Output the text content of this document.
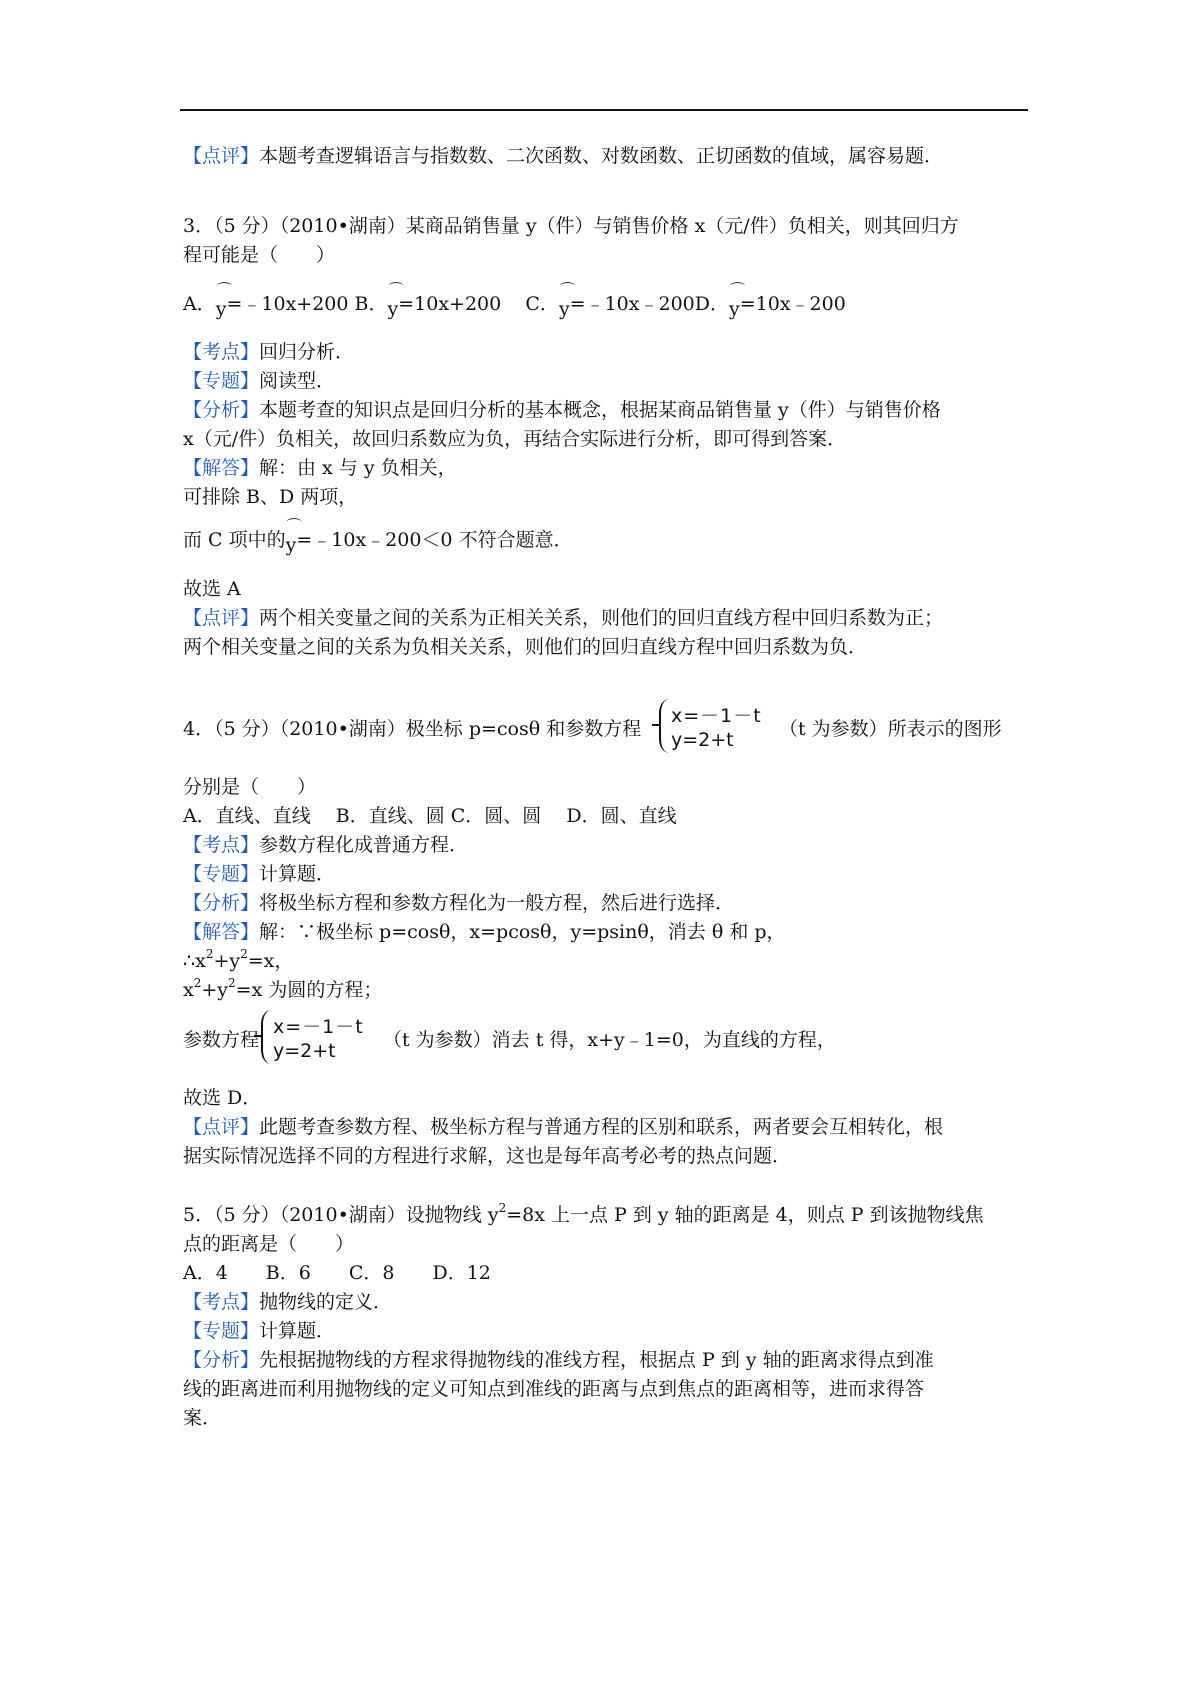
【点评】本题考查逻辑语言与指数数、二次函数、对数函数、正切函数的值域，属容易题．
3．（5 分）（2010•湖南）某商品销售量 y（件）与销售价格 x（元/件）负相关，则其回归方
程可能是（　　）
A．
⌒
y=﹣10x+200 B．
⌒
y=10x+200 C．
⌒
y=﹣10x﹣200D．
⌒
y=10x﹣200
【考点】回归分析．
【专题】阅读型．
【分析】本题考查的知识点是回归分析的基本概念，根据某商品销售量 y（件）与销售价格
x（元/件）负相关，故回归系数应为负，再结合实际进行分析，即可得到答案．
【解答】解：由 x 与 y 负相关，
可排除 B、D 两项，
而 C 项中的
⌒
y=﹣10x﹣200＜0 不符合题意．
故选 A
【点评】两个相关变量之间的关系为正相关关系，则他们的回归直线方程中回归系数为正；
两个相关变量之间的关系为负相关关系，则他们的回归直线方程中回归系数为负．
4．（5 分）（2010•湖南）极坐标 p=cosθ 和参数方程
x=－1－t
y=2+t （t 为参数）所表示的图形
分别是（　　）
A．直线、直线　 B．直线、圆 C．圆、圆　 D．圆、直线
【考点】参数方程化成普通方程．
【专题】计算题．
【分析】将极坐标方程和参数方程化为一般方程，然后进行选择．
【解答】解：∵极坐标 p=cosθ，x=pcosθ，y=psinθ，消去 θ 和 p，
$\therefore x^2+y^2=x$，
$x^2+y^2=x$ 为圆的方程；
参数方程
x=－1－t
y=2+t （t 为参数）消去 t 得，x+y﹣1=0，为直线的方程，
故选 D．
【点评】此题考查参数方程、极坐标方程与普通方程的区别和联系，两者要会互相转化，根
据实际情况选择不同的方程进行求解，这也是每年高考必考的热点问题．
5．（5 分）（2010•湖南）设抛物线 $y^2=8x$ 上一点 P 到 y 轴的距离是 4，则点 P 到该抛物线焦
点的距离是（　　）
A．4　　B．6　　C．8　　D．12
【考点】抛物线的定义．
【专题】计算题．
【分析】先根据抛物线的方程求得抛物线的准线方程，根据点 P 到 y 轴的距离求得点到准
线的距离进而利用抛物线的定义可知点到准线的距离与点到焦点的距离相等，进而求得答
案．
